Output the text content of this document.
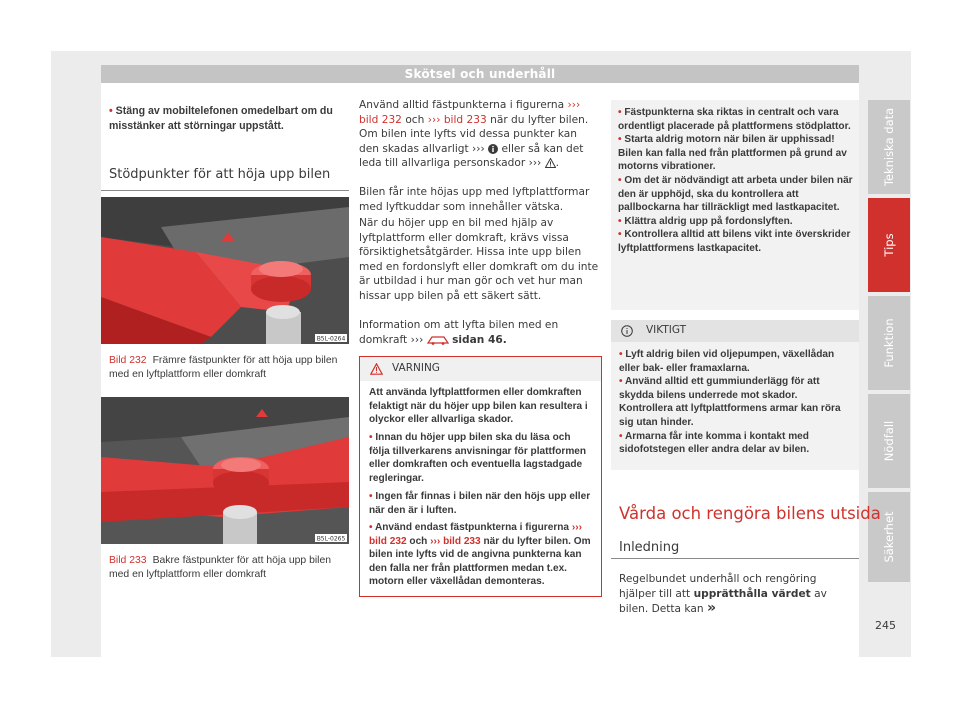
Skötsel och underhåll
Tekniska data
Tips
Funktion
Nödfall
Säkerhet
• Stäng av mobiltelefonen omedelbart om du misstänker att störningar uppstått.
Stödpunkter för att höja upp bilen
B5L-0264
Bild 232 Främre fästpunkter för att höja upp bilen med en lyftplattform eller domkraft
B5L-0265
Bild 233 Bakre fästpunkter för att höja upp bilen med en lyftplattform eller domkraft
Använd alltid fästpunkterna i figurerna ››› bild 232 och ››› bild 233 när du lyfter bilen. Om bilen inte lyfts vid dessa punkter kan den skadas allvarligt ››› eller så kan det leda till allvarliga personskador ››› .
Bilen får inte höjas upp med lyftplattformar med lyftkuddar som innehåller vätska.
När du höjer upp en bil med hjälp av lyftplattform eller domkraft, krävs vissa försiktighetsåtgärder. Hissa inte upp bilen med en fordonslyft eller domkraft om du inte är utbildad i hur man gör och vet hur man hissar upp bilen på ett säkert sätt.
Information om att lyfta bilen med en domkraft ›››	sidan 46.
VARNING
Att använda lyftplattformen eller domkraften felaktigt när du höjer upp bilen kan resultera i olyckor eller allvarliga skador.
• Innan du höjer upp bilen ska du läsa och följa tillverkarens anvisningar för plattformen eller domkraften och eventuella lagstadgade regleringar.
• Ingen får finnas i bilen när den höjs upp eller när den är i luften.
• Använd endast fästpunkterna i figurerna ››› bild 232 och ››› bild 233 när du lyfter bilen. Om bilen inte lyfts vid de angivna punkterna kan den falla ner från plattformen medan t.ex. motorn eller växellådan demonteras.
• Fästpunkterna ska riktas in centralt och vara ordentligt placerade på plattformens stödplattor.
• Starta aldrig motorn när bilen är upphissad! Bilen kan falla ned från plattformen på grund av motorns vibrationer.
• Om det är nödvändigt att arbeta under bilen när den är upphöjd, ska du kontrollera att pallbockarna har tillräckligt med lastkapacitet.
• Klättra aldrig upp på fordonslyften.
• Kontrollera alltid att bilens vikt inte överskrider lyftplattformens lastkapacitet.
VIKTIGT
• Lyft aldrig bilen vid oljepumpen, växellådan eller bak- eller framaxlarna.
• Använd alltid ett gummiunderlägg för att skydda bilens underrede mot skador. Kontrollera att lyftplattformens armar kan röra sig utan hinder.
• Armarna får inte komma i kontakt med sidofotstegen eller andra delar av bilen.
Vårda och rengöra bilens utsida
Inledning
Regelbundet underhåll och rengöring hjälper till att upprätthålla värdet av bilen. Detta kan »
245
